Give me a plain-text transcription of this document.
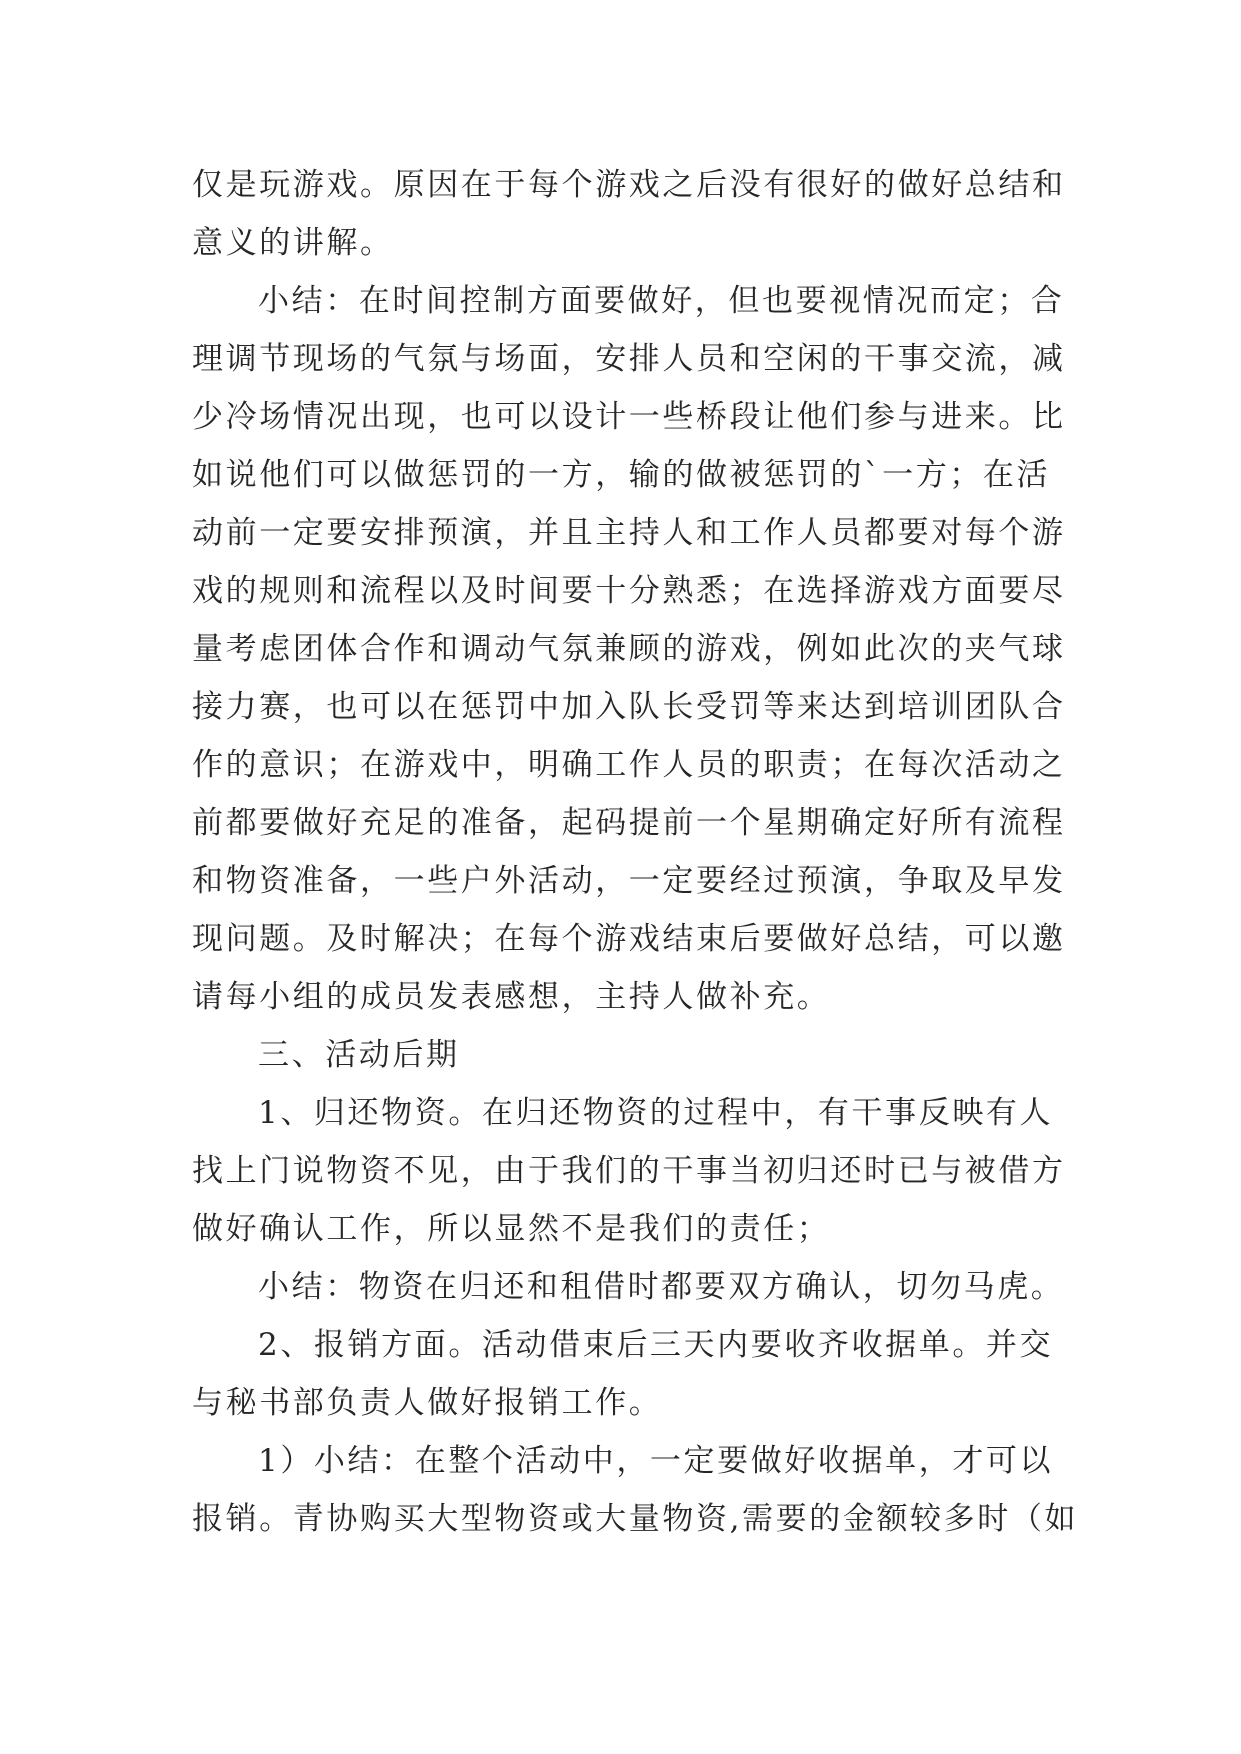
仅是玩游戏。原因在于每个游戏之后没有很好的做好总结和
意义的讲解。
小结：在时间控制方面要做好，但也要视情况而定；合
理调节现场的气氛与场面，安排人员和空闲的干事交流，减
少冷场情况出现，也可以设计一些桥段让他们参与进来。比
如说他们可以做惩罚的一方，输的做被惩罚的`一方；在活
动前一定要安排预演，并且主持人和工作人员都要对每个游
戏的规则和流程以及时间要十分熟悉；在选择游戏方面要尽
量考虑团体合作和调动气氛兼顾的游戏，例如此次的夹气球
接力赛，也可以在惩罚中加入队长受罚等来达到培训团队合
作的意识；在游戏中，明确工作人员的职责；在每次活动之
前都要做好充足的准备，起码提前一个星期确定好所有流程
和物资准备，一些户外活动，一定要经过预演，争取及早发
现问题。及时解决；在每个游戏结束后要做好总结，可以邀
请每小组的成员发表感想，主持人做补充。
三、活动后期
1、归还物资。在归还物资的过程中，有干事反映有人
找上门说物资不见，由于我们的干事当初归还时已与被借方
做好确认工作，所以显然不是我们的责任；
小结：物资在归还和租借时都要双方确认，切勿马虎。
2、报销方面。活动借束后三天内要收齐收据单。并交
与秘书部负责人做好报销工作。
1）小结：在整个活动中，一定要做好收据单，才可以
报销。青协购买大型物资或大量物资,需要的金额较多时（如
